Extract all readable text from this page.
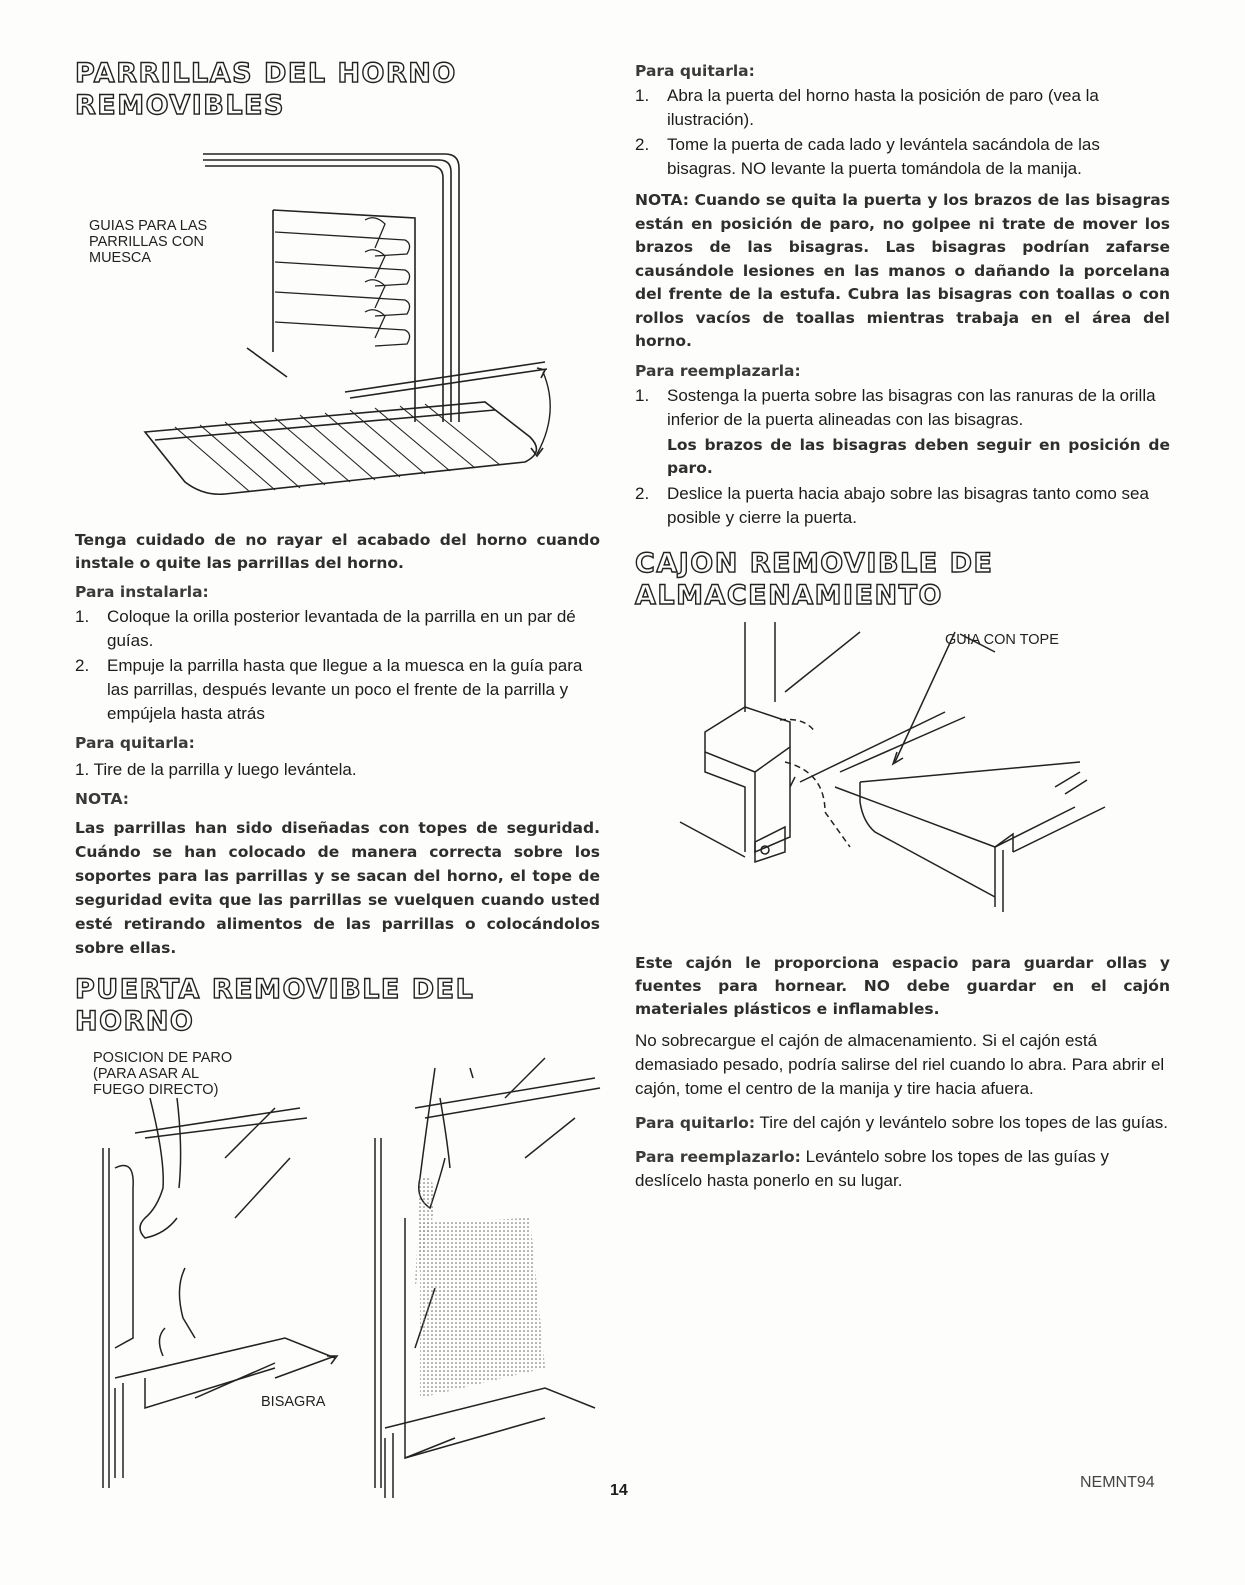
PARRILLAS DEL HORNO
REMOVIBLES
GUIAS PARA LAS
PARRILLAS CON
MUESCA

Tenga cuidado de no rayar el acabado del horno cuando instale o quite las parrillas del horno.

Para instalarla:
1. Coloque la orilla posterior levantada de la parrilla en un par dé guías.
2. Empuje la parrilla hasta que llegue a la muesca en la guía para las parrillas, después levante un poco el frente de la parrilla y empújela hasta atrás
Para quitarla:

1. Tire de la parrilla y luego levántela.

NOTA:

Las parrillas han sido diseñadas con topes de seguridad. Cuándo se han colocado de manera correcta sobre los soportes para las parrillas y se sacan del horno, el tope de seguridad evita que las parrillas se vuelquen cuando usted esté retirando alimentos de las parrillas o colocándolos sobre ellas.

PUERTA REMOVIBLE DEL HORNO
POSICION DE PARO
(PARA ASAR AL
FUEGO DIRECTO)
BISAGRA
Para quitarla:
1. Abra la puerta del horno hasta la posición de paro (vea la ilustración).
2. Tome la puerta de cada lado y levántela sacándola de las bisagras. NO levante la puerta tomándola de la manija.

NOTA: Cuando se quita la puerta y los brazos de las bisagras están en posición de paro, no golpee ni trate de mover los brazos de las bisagras. Las bisagras podrían zafarse causándole lesiones en las manos o dañando la porcelana del frente de la estufa. Cubra las bisagras con toallas o con rollos vacíos de toallas mientras trabaja en el área del horno.

Para reemplazarla:
1. Sostenga la puerta sobre las bisagras con las ranuras de la orilla inferior de la puerta alineadas con las bisagras.
Los brazos de las bisagras deben seguir en posición de paro.
2. Deslice la puerta hacia abajo sobre las bisagras tanto como sea posible y cierre la puerta.
CAJON REMOVIBLE DE
ALMACENAMIENTO
GUIA CON TOPE

Este cajón le proporciona espacio para guardar ollas y fuentes para hornear. NO debe guardar en el cajón materiales plásticos e inflamables.

No sobrecargue el cajón de almacenamiento. Si el cajón está demasiado pesado, podría salirse del riel cuando lo abra. Para abrir el cajón, tome el centro de la manija y tire hacia afuera.

Para quitarlo: Tire del cajón y levántelo sobre los topes de las guías.

Para reemplazarlo: Levántelo sobre los topes de las guías y deslícelo hasta ponerlo en su lugar.

14	NEMNT94
